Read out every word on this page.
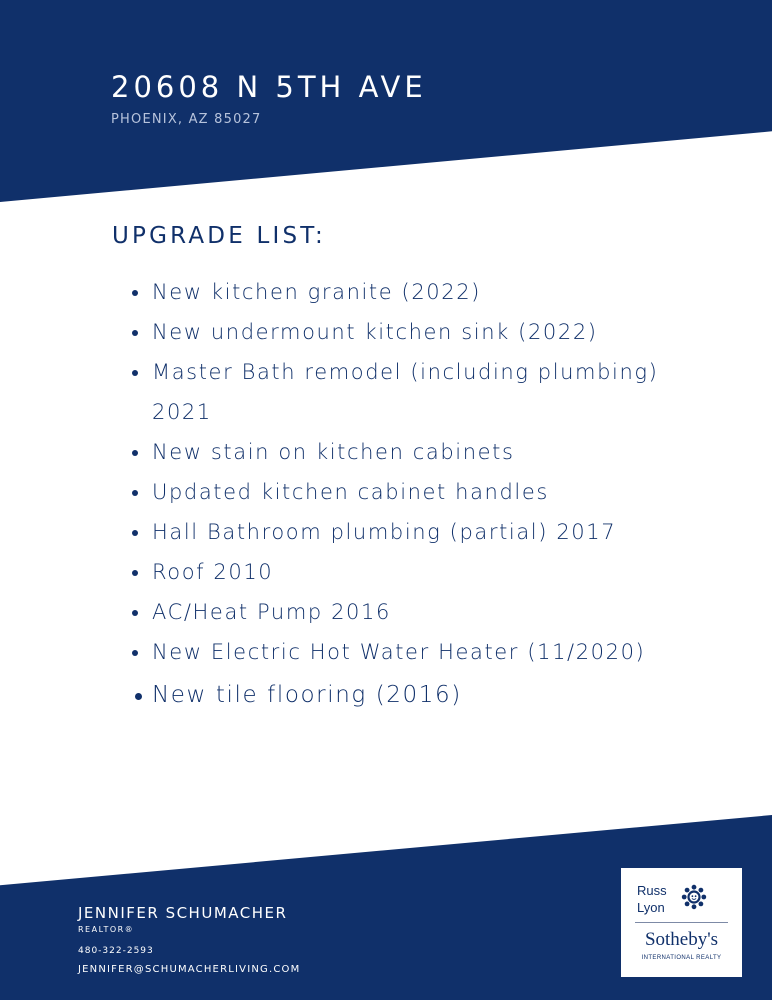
20608 N 5TH AVE
PHOENIX, AZ 85027
UPGRADE LIST:
New kitchen granite (2022)
New undermount kitchen sink (2022)
Master Bath remodel (including plumbing) 2021
New stain on kitchen cabinets
Updated kitchen cabinet handles
Hall Bathroom plumbing (partial) 2017
Roof 2010
AC/Heat Pump 2016
New Electric Hot Water Heater (11/2020)
New tile flooring (2016)
JENNIFER SCHUMACHER
REALTOR®
480-322-2593
JENNIFER@SCHUMACHERLIVING.COM
Russ
Lyon
Sotheby's
INTERNATIONAL REALTY
